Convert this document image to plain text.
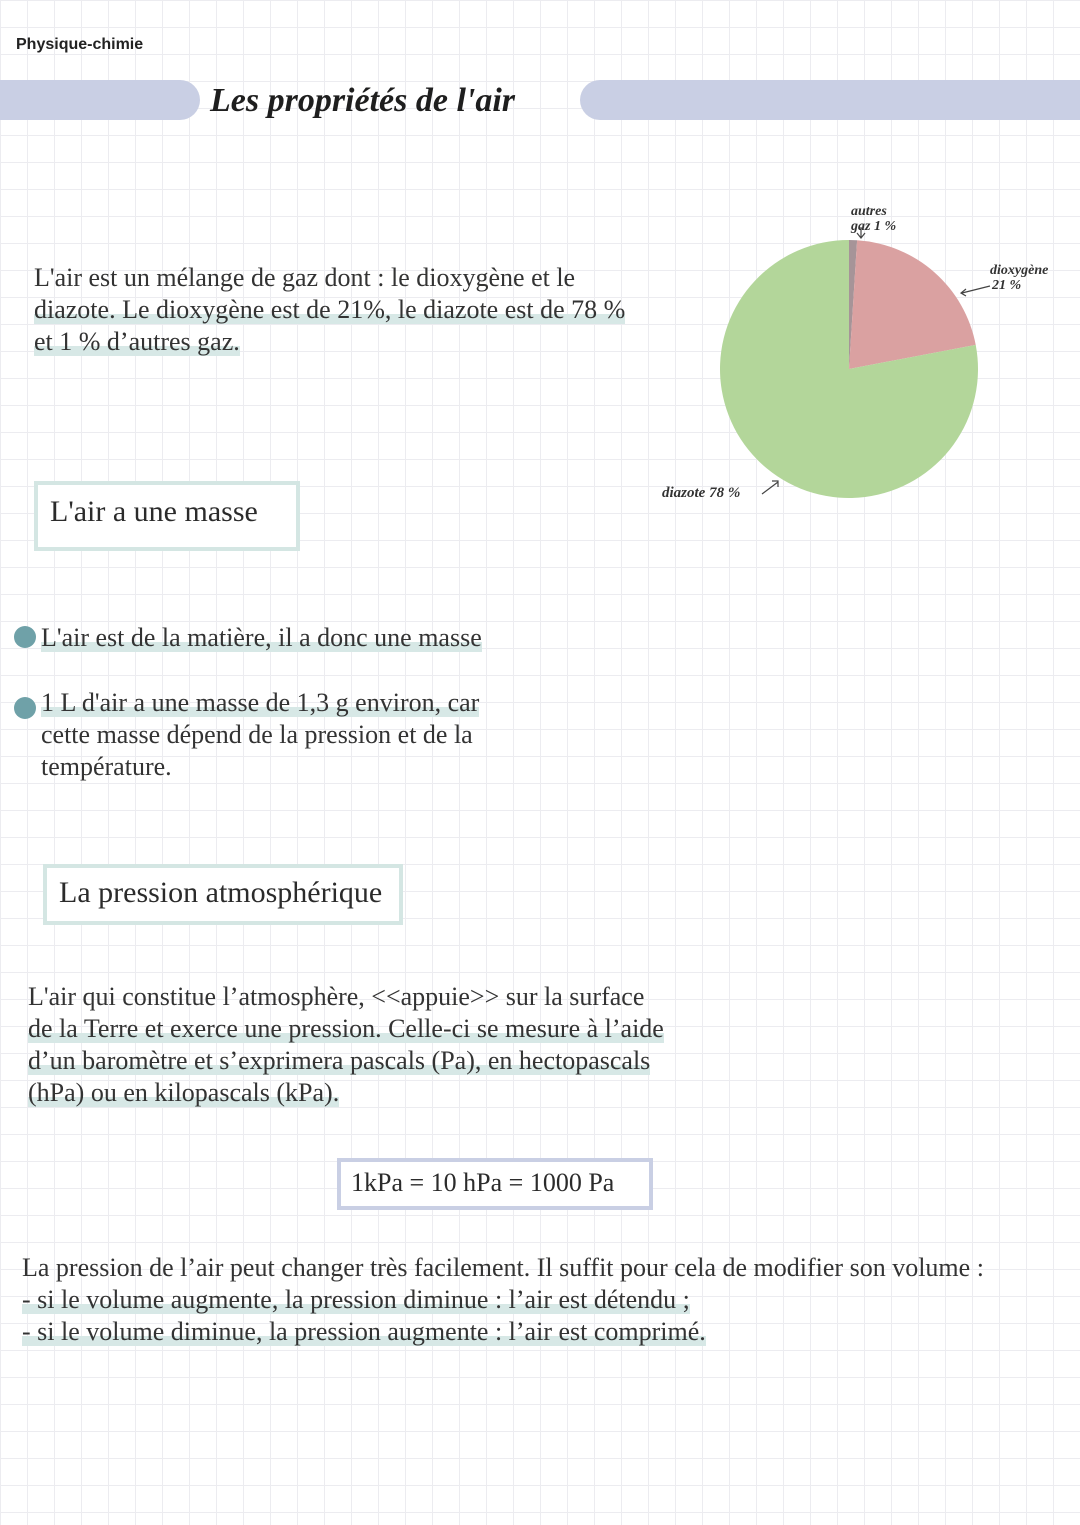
Physique-chimie
Les propriétés de l'air
L'air est un mélange de gaz dont : le dioxygène et le
diazote. Le dioxygène est de 21%, le diazote est de 78 %
et 1 % d’autres gaz.
autres
gaz 1 %
dioxygène
21 %
diazote 78 %
L'air a une masse
L'air est de la matière, il a donc une masse
1 L d'air a une masse de 1,3 g environ, car
cette masse dépend de la pression et de la
température.
La pression atmosphérique
L'air qui constitue l’atmosphère, <<appuie>> sur la surface
de la Terre et exerce une pression. Celle-ci se mesure à l’aide
d’un baromètre et s’exprimera pascals (Pa), en hectopascals
(hPa) ou en kilopascals (kPa).
1kPa = 10 hPa = 1000 Pa
La pression de l’air peut changer très facilement. Il suffit pour cela de modifier son volume :
- si le volume augmente, la pression diminue : l’air est détendu ;
- si le volume diminue, la pression augmente : l’air est comprimé.
